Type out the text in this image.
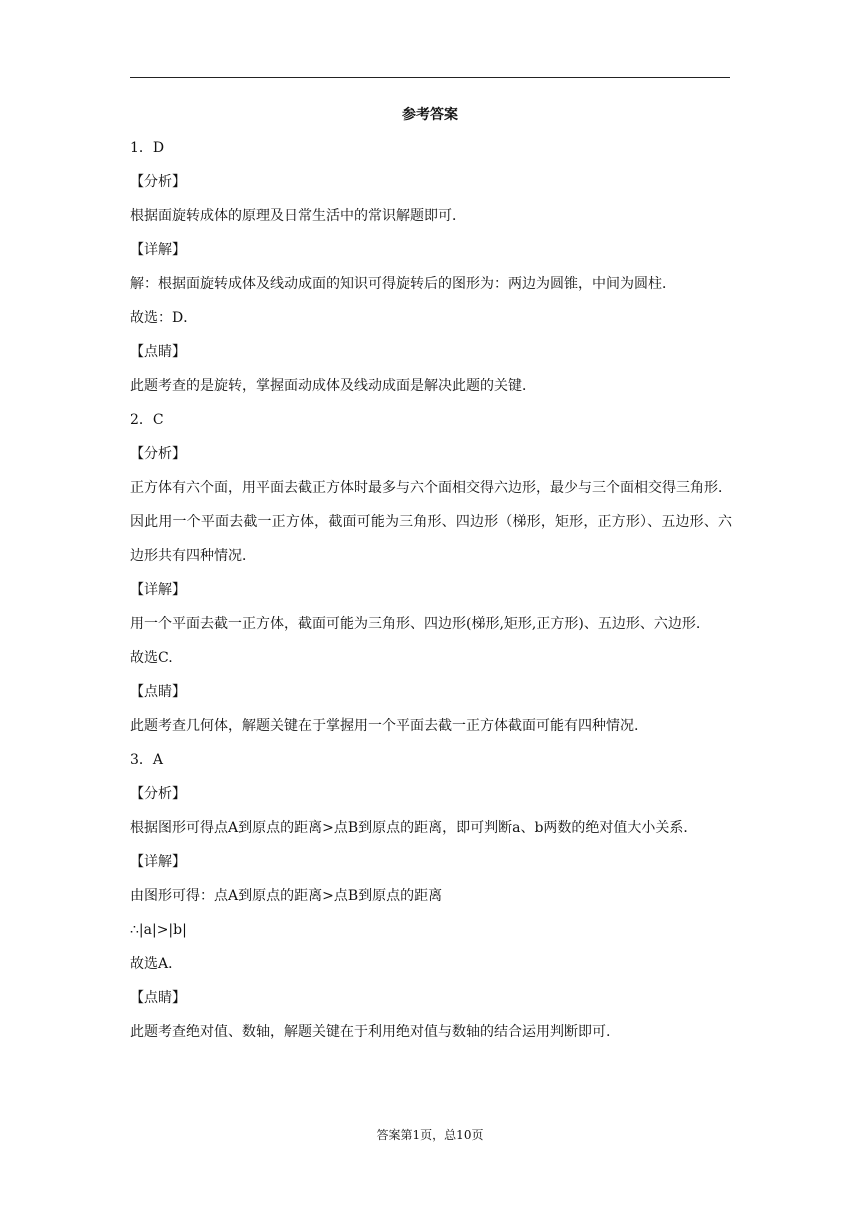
参考答案

1．D

【分析】

根据面旋转成体的原理及日常生活中的常识解题即可．

【详解】

解：根据面旋转成体及线动成面的知识可得旋转后的图形为：两边为圆锥，中间为圆柱．

故选：D．

【点睛】

此题考查的是旋转，掌握面动成体及线动成面是解决此题的关键．

2．C

【分析】

正方体有六个面，用平面去截正方体时最多与六个面相交得六边形，最少与三个面相交得三角形．因此用一个平面去截一正方体，截面可能为三角形、四边形（梯形，矩形，正方形）、五边形、六边形共有四种情况．

【详解】

用一个平面去截一正方体，截面可能为三角形、四边形(梯形,矩形,正方形)、五边形、六边形.

故选C.

【点睛】

此题考查几何体，解题关键在于掌握用一个平面去截一正方体截面可能有四种情况.

3．A

【分析】

根据图形可得点A到原点的距离>点B到原点的距离，即可判断a、b两数的绝对值大小关系．

【详解】

由图形可得：点A到原点的距离>点B到原点的距离

∴|a|>|b|

故选A．

【点睛】

此题考查绝对值、数轴，解题关键在于利用绝对值与数轴的结合运用判断即可.

答案第1页，总10页
